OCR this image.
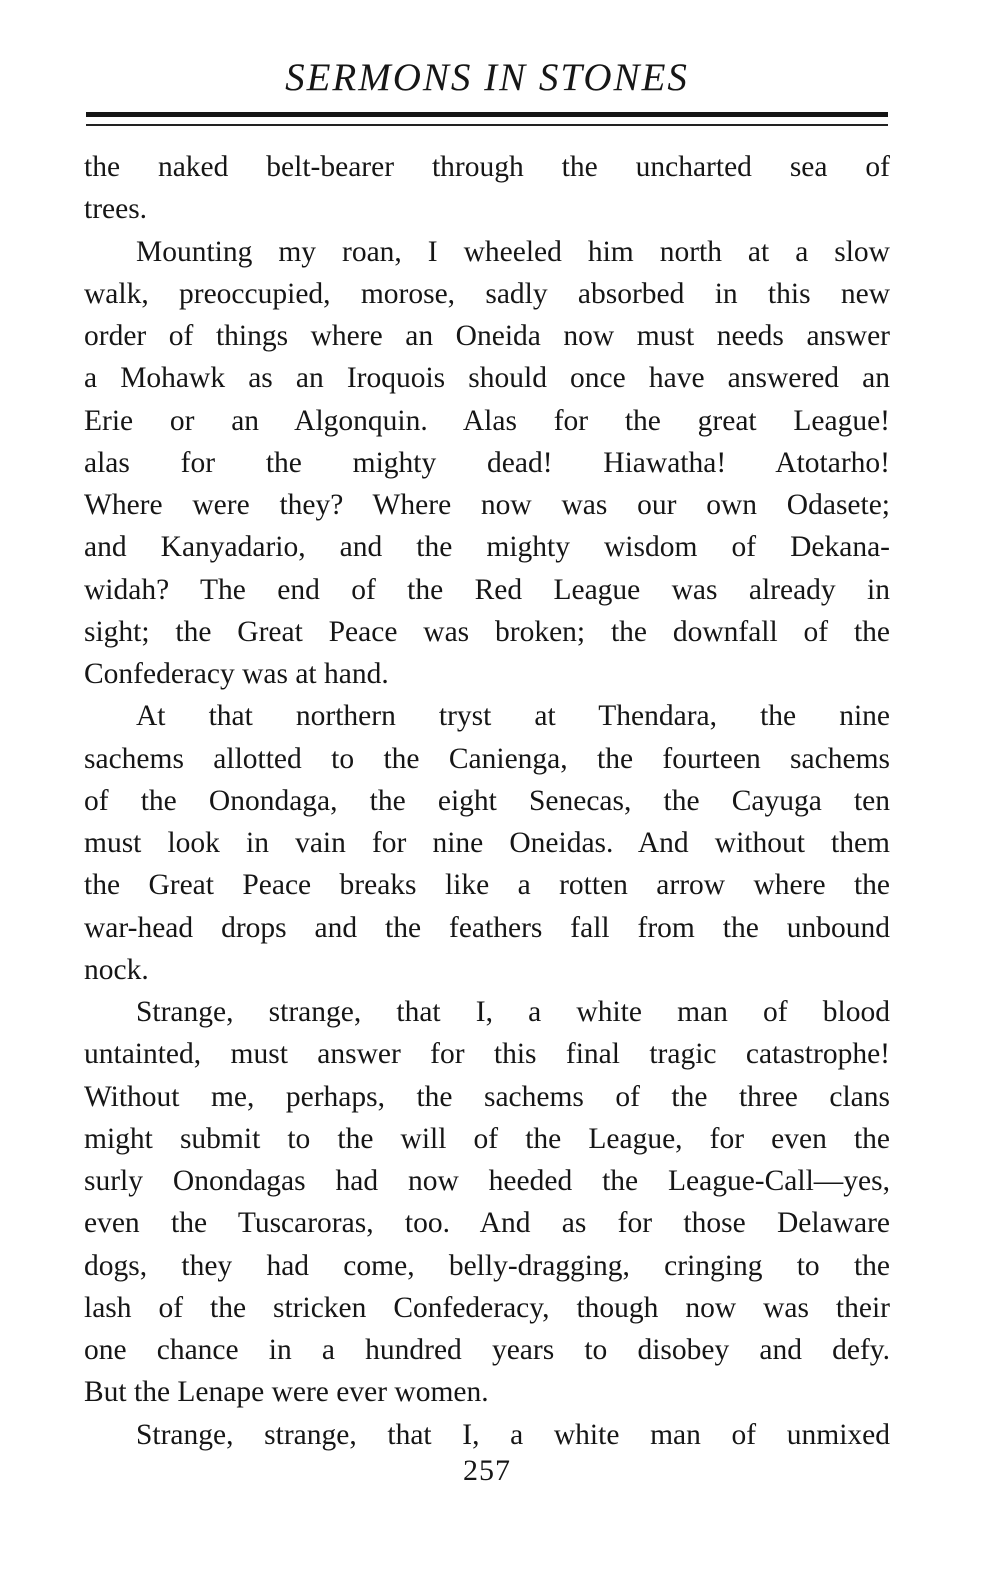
SERMONS IN STONES
the naked belt-bearer through the uncharted sea of
trees.
Mounting my roan, I wheeled him north at a slow
walk, preoccupied, morose, sadly absorbed in this new
order of things where an Oneida now must needs answer
a Mohawk as an Iroquois should once have answered an
Erie or an Algonquin. Alas for the great League!
alas for the mighty dead! Hiawatha! Atotarho!
Where were they? Where now was our own Odasete;
and Kanyadario, and the mighty wisdom of Dekana-
widah? The end of the Red League was already in
sight; the Great Peace was broken; the downfall of the
Confederacy was at hand.
At that northern tryst at Thendara, the nine
sachems allotted to the Canienga, the fourteen sachems
of the Onondaga, the eight Senecas, the Cayuga ten
must look in vain for nine Oneidas. And without them
the Great Peace breaks like a rotten arrow where the
war-head drops and the feathers fall from the unbound
nock.
Strange, strange, that I, a white man of blood
untainted, must answer for this final tragic catastrophe!
Without me, perhaps, the sachems of the three clans
might submit to the will of the League, for even the
surly Onondagas had now heeded the League-Call—yes,
even the Tuscaroras, too. And as for those Delaware
dogs, they had come, belly-dragging, cringing to the
lash of the stricken Confederacy, though now was their
one chance in a hundred years to disobey and defy.
But the Lenape were ever women.
Strange, strange, that I, a white man of unmixed
257
